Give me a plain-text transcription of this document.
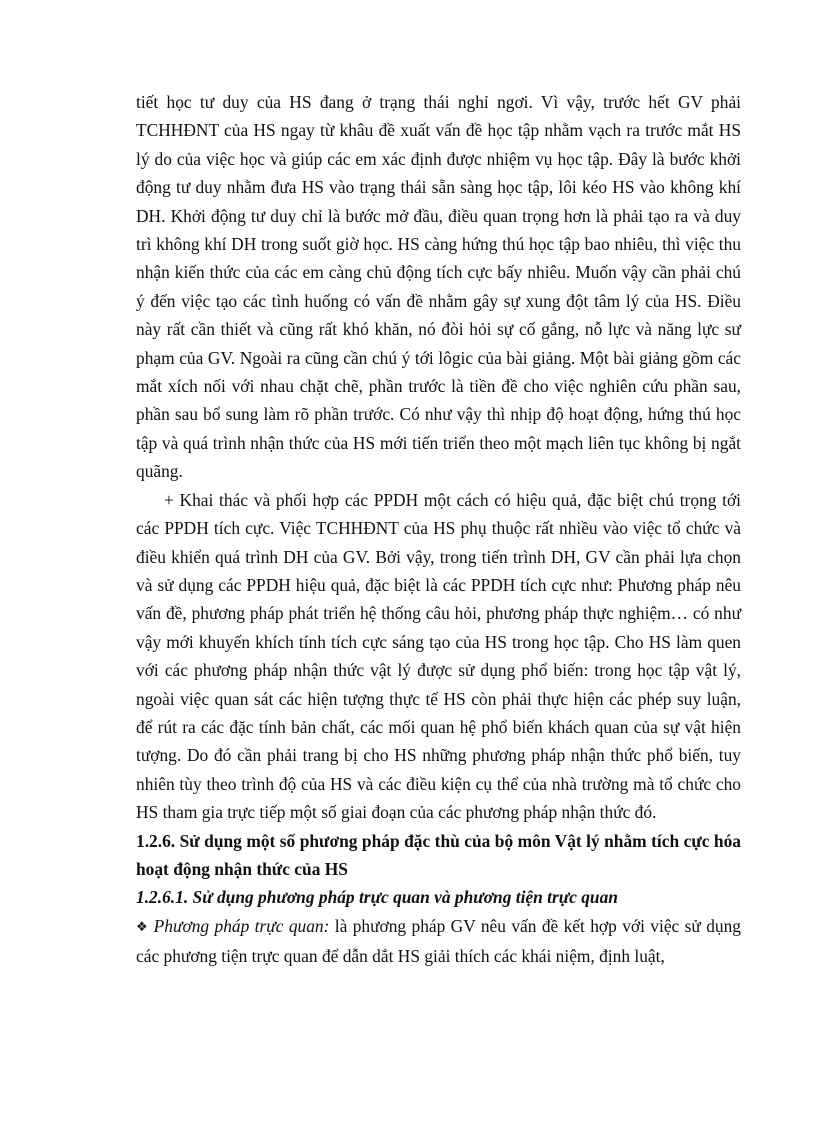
tiết học tư duy của HS đang ở trạng thái nghỉ ngơi. Vì vậy, trước hết GV phải TCHHĐNT của HS ngay từ khâu đề xuất vấn đề học tập nhằm vạch ra trước mắt HS lý do của việc học và giúp các em xác định được nhiệm vụ học tập. Đây là bước khởi động tư duy nhằm đưa HS vào trạng thái sẵn sàng học tập, lôi kéo HS vào không khí DH. Khởi động tư duy chỉ là bước mở đầu, điều quan trọng hơn là phải tạo ra và duy trì không khí DH trong suốt giờ học. HS càng hứng thú học tập bao nhiêu, thì việc thu nhận kiến thức của các em càng chủ động tích cực bấy nhiêu. Muốn vậy cần phải chú ý đến việc tạo các tình huống có vấn đề nhằm gây sự xung đột tâm lý của HS. Điều này rất cần thiết và cũng rất khó khăn, nó đòi hỏi sự cố gắng, nỗ lực và năng lực sư phạm của GV. Ngoài ra cũng cần chú ý tới lôgic của bài giảng. Một bài giảng gồm các mắt xích nối với nhau chặt chẽ, phần trước là tiền đề cho việc nghiên cứu phần sau, phần sau bổ sung làm rõ phần trước. Có như vậy thì nhịp độ hoạt động, hứng thú học tập và quá trình nhận thức của HS mới tiến triển theo một mạch liên tục không bị ngắt quãng.

+ Khai thác và phối hợp các PPDH một cách có hiệu quả, đặc biệt chú trọng tới các PPDH tích cực. Việc TCHHĐNT của HS phụ thuộc rất nhiều vào việc tổ chức và điều khiển quá trình DH của GV. Bởi vậy, trong tiến trình DH, GV cần phải lựa chọn và sử dụng các PPDH hiệu quả, đặc biệt là các PPDH tích cực như: Phương pháp nêu vấn đề, phương pháp phát triển hệ thống câu hỏi, phương pháp thực nghiệm… có như vậy mới khuyến khích tính tích cực sáng tạo của HS trong học tập. Cho HS làm quen với các phương pháp nhận thức vật lý được sử dụng phổ biến: trong học tập vật lý, ngoài việc quan sát các hiện tượng thực tế HS còn phải thực hiện các phép suy luận, để rút ra các đặc tính bản chất, các mối quan hệ phổ biến khách quan của sự vật hiện tượng. Do đó cần phải trang bị cho HS những phương pháp nhận thức phổ biến, tuy nhiên tùy theo trình độ của HS và các điều kiện cụ thể của nhà trường mà tổ chức cho HS tham gia trực tiếp một số giai đoạn của các phương pháp nhận thức đó.

1.2.6. Sử dụng một số phương pháp đặc thù của bộ môn Vật lý nhằm tích cực hóa hoạt động nhận thức của HS

1.2.6.1. Sử dụng phương pháp trực quan và phương tiện trực quan

❖ Phương pháp trực quan: là phương pháp GV nêu vấn đề kết hợp với việc sử dụng các phương tiện trực quan để dẫn dắt HS giải thích các khái niệm, định luật,
